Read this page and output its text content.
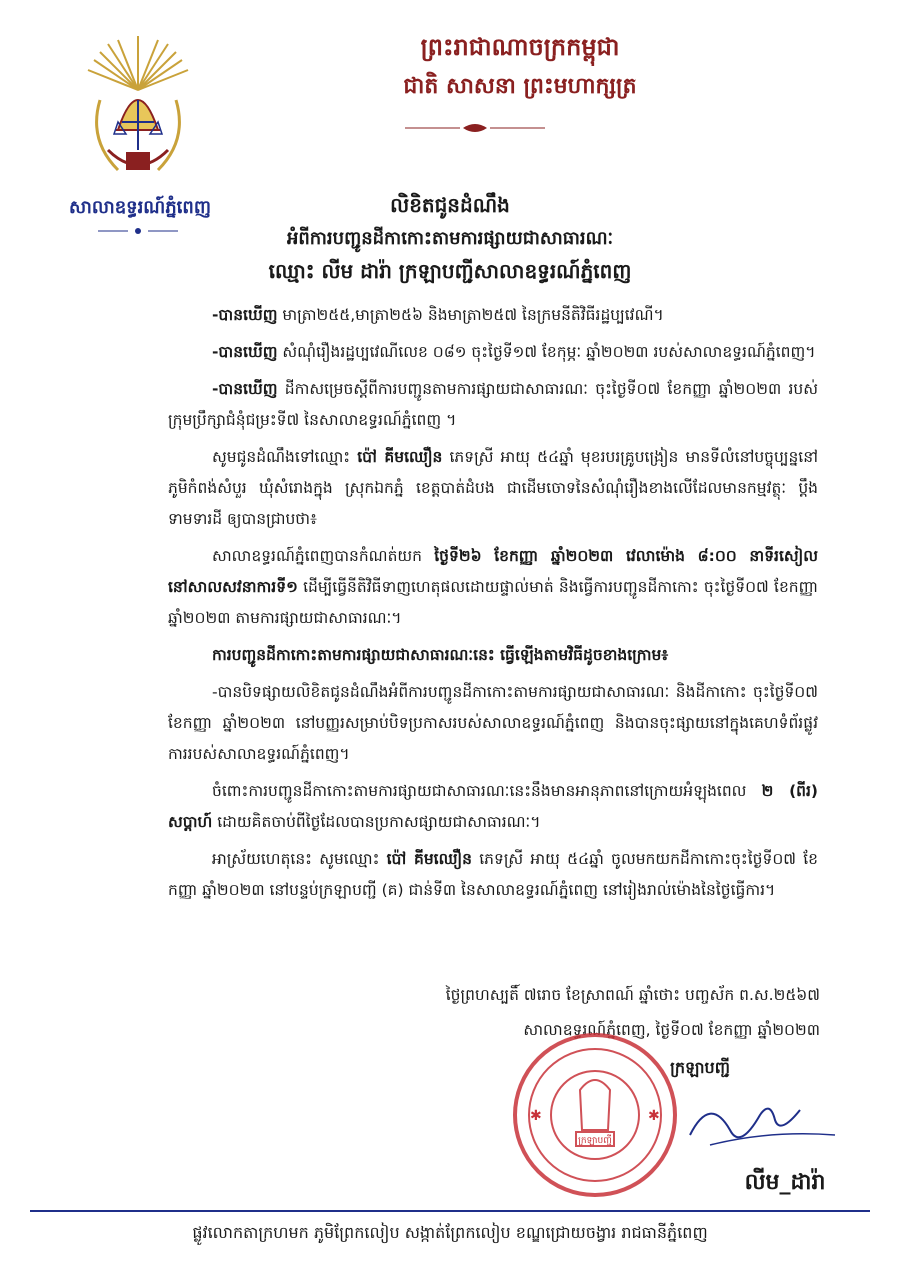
សាលាឧទ្ធរណ៍ភ្នំពេញ
ព្រះរាជាណាចក្រកម្ពុជា
ជាតិ សាសនា ព្រះមហាក្សត្រ
លិខិតជូនដំណឹង
អំពីការបញ្ជូនដីកាកោះតាមការផ្សាយជាសាធារណៈ
ឈ្មោះ លីម ដារ៉ា ក្រឡាបញ្ជីសាលាឧទ្ធរណ៍ភ្នំពេញ

-បានឃើញ មាត្រា២៥៥,មាត្រា២៥៦ និងមាត្រា២៥៧ នៃក្រមនីតិវិធីរដ្ឋប្បវេណី។

-បានឃើញ សំណុំរឿងរដ្ឋប្បវេណីលេខ ០៨១ ចុះថ្ងៃទី១៧ ខែកុម្ភៈ ឆ្នាំ២០២៣ របស់សាលាឧទ្ធរណ៍ភ្នំពេញ។

-បានឃើញ ដីកាសម្រេចស្តីពីការបញ្ជូនតាមការផ្សាយជាសាធារណៈ ចុះថ្ងៃទី០៧ ខែកញ្ញា ឆ្នាំ២០២៣ របស់ក្រុមប្រឹក្សាជំនុំជម្រះទី៧ នៃសាលាឧទ្ធរណ៍ភ្នំពេញ ។

សូមជូនដំណឹងទៅឈ្មោះ ប៉ៅ គីមឈឿន ភេទស្រី អាយុ ៥៤ឆ្នាំ មុខរបរគ្រូបង្រៀន មានទីលំនៅបច្ចុប្បន្ននៅភូមិកំពង់សំបួរ ឃុំសំរោងក្នុង ស្រុកឯកភ្នំ ខេត្តបាត់ដំបង ជាដើមចោទនៃសំណុំរឿងខាងលើដែលមានកម្មវត្ថុៈ ប្តឹងទាមទារដី ឲ្យបានជ្រាបថា៖

សាលាឧទ្ធរណ៍ភ្នំពេញបានកំណត់យក ថ្ងៃទី២៦ ខែកញ្ញា ឆ្នាំ២០២៣ វេលាម៉ោង ៨:០០ នាទីរសៀល នៅសាលសវនាការទី១ ដើម្បីធ្វើនីតិវិធីទាញហេតុផលដោយផ្ទាល់មាត់ និងធ្វើការបញ្ជូនដីកាកោះ ចុះថ្ងៃទី០៧ ខែកញ្ញា ឆ្នាំ២០២៣ តាមការផ្សាយជាសាធារណៈ។

ការបញ្ជូនដីកាកោះតាមការផ្សាយជាសាធារណៈនេះ ធ្វើឡើងតាមវិធីដូចខាងក្រោម៖

-បានបិទផ្សាយលិខិតជូនដំណឹងអំពីការបញ្ជូនដីកាកោះតាមការផ្សាយជាសាធារណៈ និងដីកាកោះ ចុះថ្ងៃទី០៧ ខែកញ្ញា ឆ្នាំ២០២៣ នៅបញ្ញរសម្រាប់បិទប្រកាសរបស់សាលាឧទ្ធរណ៍ភ្នំពេញ និងបានចុះផ្សាយនៅក្នុងគេហទំព័រផ្លូវការរបស់សាលាឧទ្ធរណ៍ភ្នំពេញ។

ចំពោះការបញ្ជូនដីកាកោះតាមការផ្សាយជាសាធារណៈនេះនឹងមានអានុភាពនៅក្រោយអំឡុងពេល ២ (ពីរ) សប្តាហ៍ ដោយគិតចាប់ពីថ្ងៃដែលបានប្រកាសផ្សាយជាសាធារណៈ។

អាស្រ័យហេតុនេះ សូមឈ្មោះ ប៉ៅ គីមឈឿន ភេទស្រី អាយុ ៥៤ឆ្នាំ ចូលមកយកដីកាកោះចុះថ្ងៃទី០៧ ខែកញ្ញា ឆ្នាំ២០២៣ នៅបន្ទប់ក្រឡាបញ្ជី (គ) ជាន់ទី៣ នៃសាលាឧទ្ធរណ៍ភ្នំពេញ នៅរៀងរាល់ម៉ោងនៃថ្ងៃធ្វើការ។

ថ្ងៃព្រហស្បតិ៍ ៧រោច ខែស្រាពណ៍ ឆ្នាំថោះ បញ្ចស័ក ព.ស.២៥៦៧
សាលាឧទ្ធរណ៍ភ្នំពេញ, ថ្ងៃទី០៧ ខែកញ្ញា ឆ្នាំ២០២៣
ក្រឡាបញ្ជី
✱	✱
ក្រឡាបញ្ជី
លីម_ដារ៉ា
ផ្លូវលោកតាក្រហមក ភូមិព្រែកលៀប សង្កាត់ព្រែកលៀប ខណ្ឌជ្រោយចង្វារ រាជធានីភ្នំពេញ
